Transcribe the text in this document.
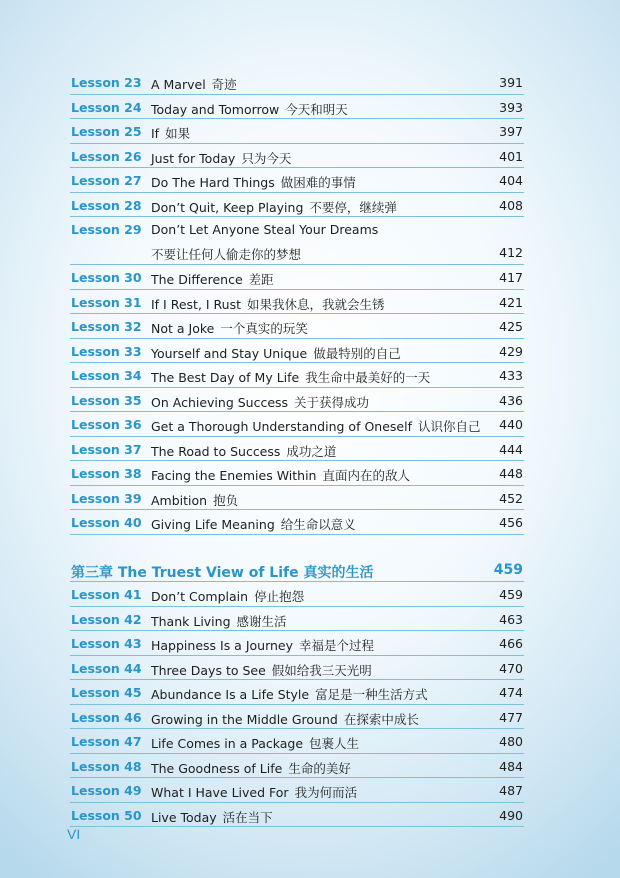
Lesson 23 A Marvel 奇迹	391
Lesson 24 Today and Tomorrow 今天和明天	393
Lesson 25 If 如果	397
Lesson 26 Just for Today 只为今天	401
Lesson 27 Do The Hard Things 做困难的事情	404
Lesson 28 Don’t Quit, Keep Playing 不要停，继续弹	408
Lesson 29 Don’t Let Anyone Steal Your Dreams
不要让任何人偷走你的梦想	412
Lesson 30 The Difference 差距	417
Lesson 31 If I Rest, I Rust 如果我休息，我就会生锈	421
Lesson 32 Not a Joke 一个真实的玩笑	425
Lesson 33 Yourself and Stay Unique 做最特别的自己	429
Lesson 34 The Best Day of My Life 我生命中最美好的一天	433
Lesson 35 On Achieving Success 关于获得成功	436
Lesson 36 Get a Thorough Understanding of Oneself 认识你自己 440
Lesson 37 The Road to Success 成功之道	444
Lesson 38 Facing the Enemies Within 直面内在的敌人	448
Lesson 39 Ambition 抱负	452
Lesson 40 Giving Life Meaning 给生命以意义	456
第三章 The Truest View of Life 真实的生活	459
Lesson 41 Don’t Complain 停止抱怨	459
Lesson 42 Thank Living 感谢生活	463
Lesson 43 Happiness Is a Journey 幸福是个过程	466
Lesson 44 Three Days to See 假如给我三天光明	470
Lesson 45 Abundance Is a Life Style 富足是一种生活方式	474
Lesson 46 Growing in the Middle Ground 在探索中成长	477
Lesson 47 Life Comes in a Package 包裹人生	480
Lesson 48 The Goodness of Life 生命的美好	484
Lesson 49 What I Have Lived For 我为何而活	487
Lesson 50 Live Today 活在当下	490
VI
